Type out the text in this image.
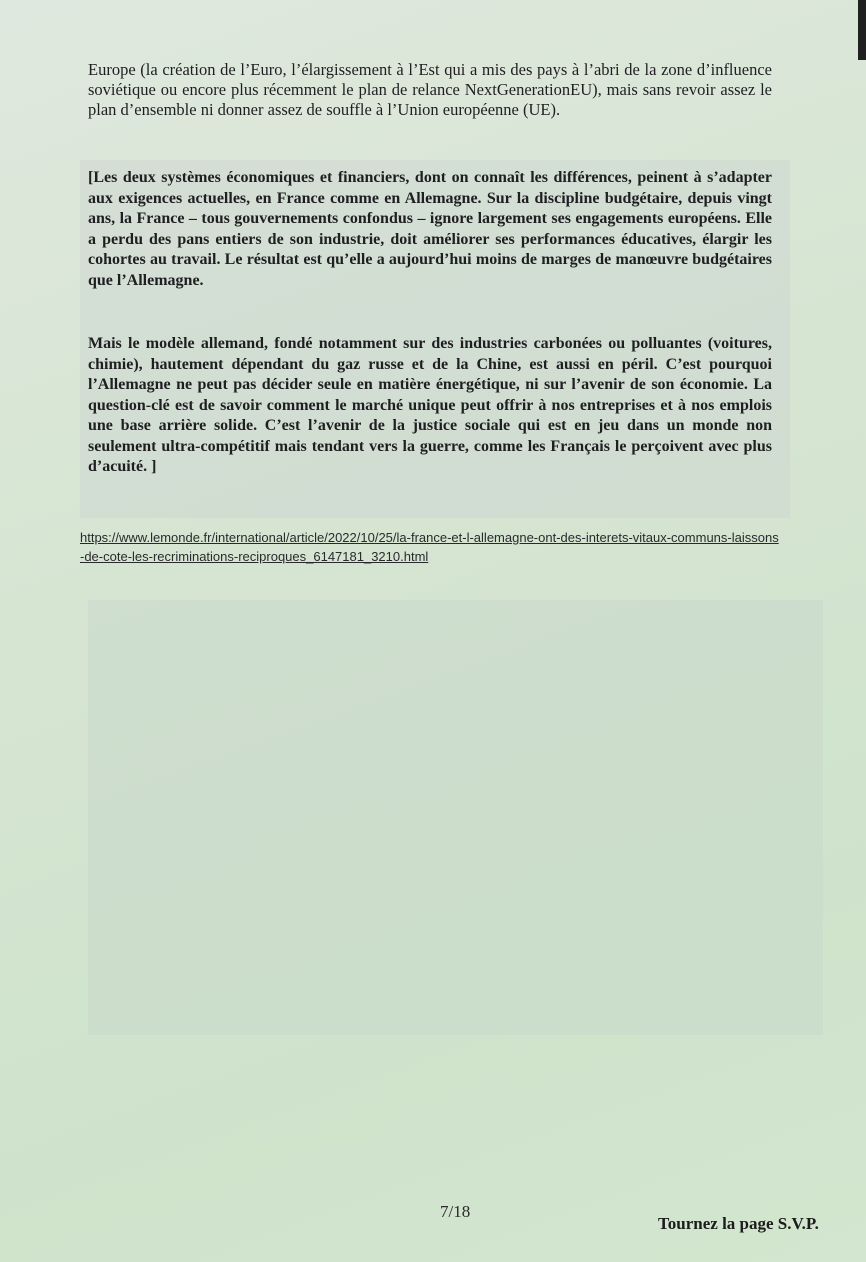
Europe (la création de l’Euro, l’élargissement à l’Est qui a mis des pays à l’abri de la zone d’influence soviétique ou encore plus récemment le plan de relance NextGenerationEU), mais sans revoir assez le plan d’ensemble ni donner assez de souffle à l’Union européenne (UE).

[Les deux systèmes économiques et financiers, dont on connaît les différences, peinent à s’adapter aux exigences actuelles, en France comme en Allemagne. Sur la discipline budgétaire, depuis vingt ans, la France – tous gouvernements confondus – ignore largement ses engagements européens. Elle a perdu des pans entiers de son industrie, doit améliorer ses performances éducatives, élargir les cohortes au travail. Le résultat est qu’elle a aujourd’hui moins de marges de manœuvre budgétaires que l’Allemagne.

Mais le modèle allemand, fondé notamment sur des industries carbonées ou polluantes (voitures, chimie), hautement dépendant du gaz russe et de la Chine, est aussi en péril. C’est pourquoi l’Allemagne ne peut pas décider seule en matière énergétique, ni sur l’avenir de son économie. La question-clé est de savoir comment le marché unique peut offrir à nos entreprises et à nos emplois une base arrière solide. C’est l’avenir de la justice sociale qui est en jeu dans un monde non seulement ultra-compétitif mais tendant vers la guerre, comme les Français le perçoivent avec plus d’acuité. ]

https://www.lemonde.fr/international/article/2022/10/25/la-france-et-l-allemagne-ont-des-interets-vitaux-communs-laissons-de-cote-les-recriminations-reciproques_6147181_3210.html
7/18
Tournez la page S.V.P.
